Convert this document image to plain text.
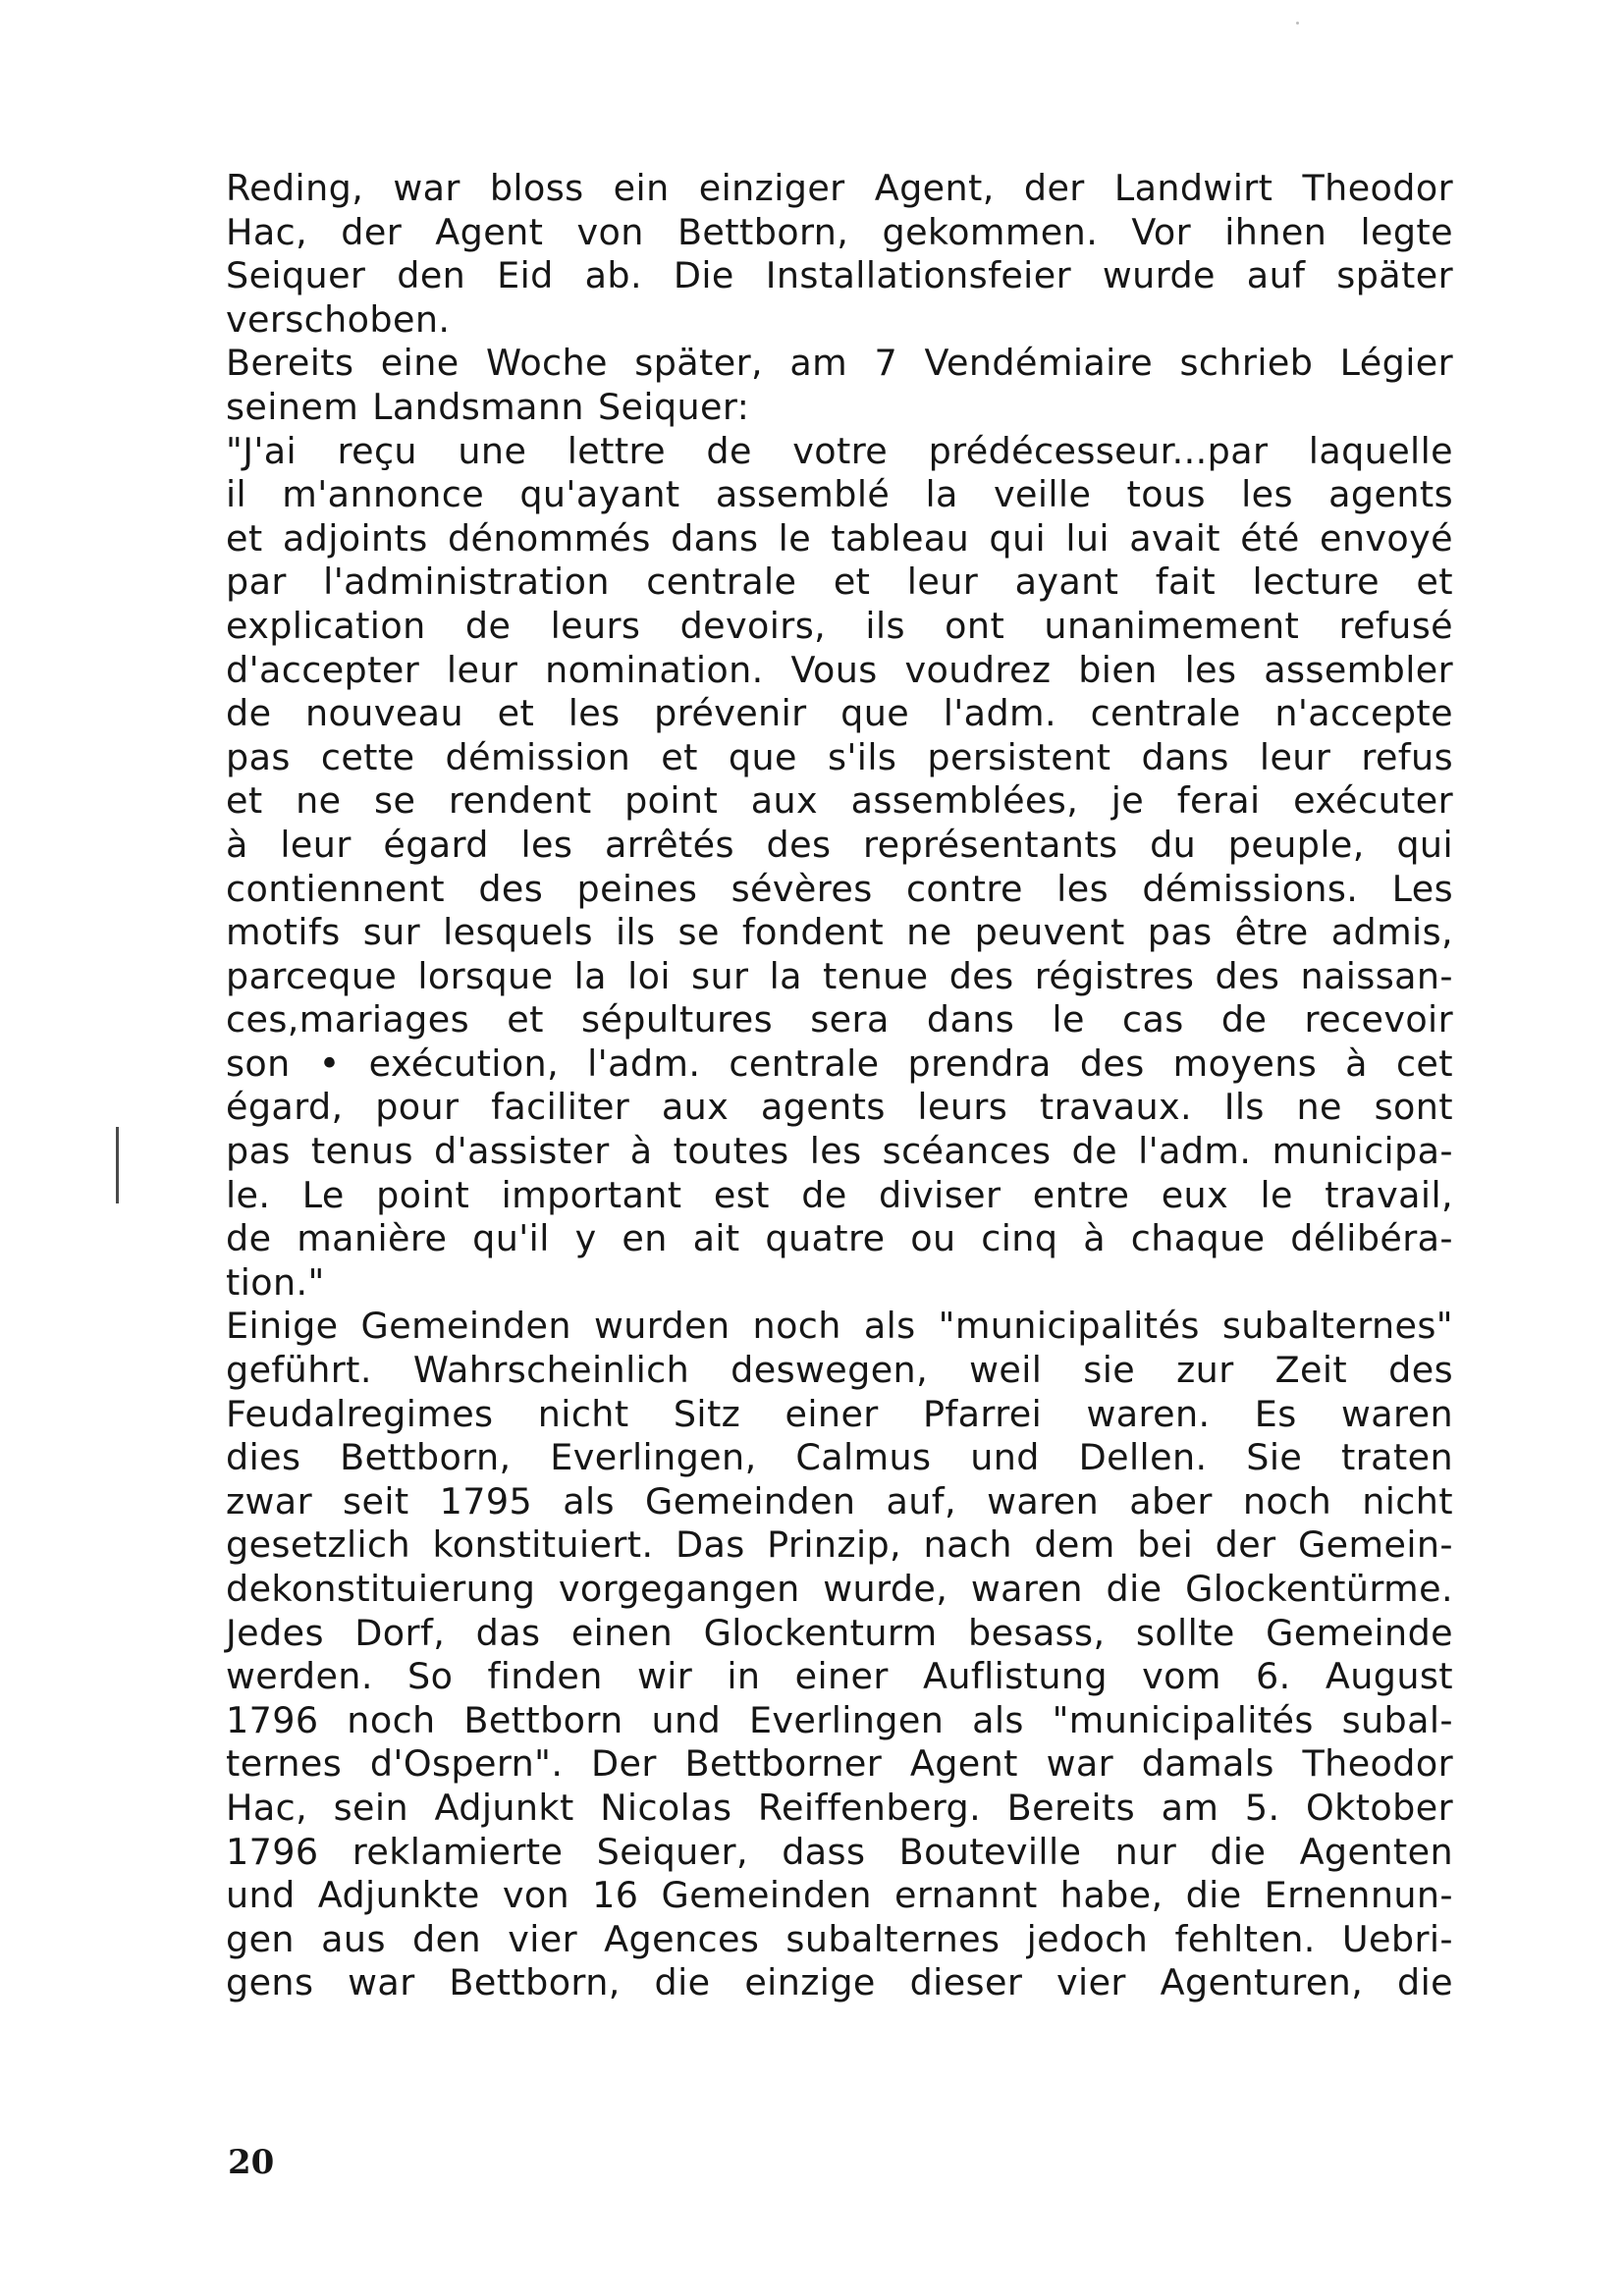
Reding, war bloss ein einziger Agent, der Landwirt Theodor
Hac, der Agent von Bettborn, gekommen. Vor ihnen legte
Seiquer den Eid ab. Die Installationsfeier wurde auf später
verschoben.
Bereits eine Woche später, am 7 Vendémiaire schrieb Légier
seinem Landsmann Seiquer:
"J'ai reçu une lettre de votre prédécesseur...par laquelle
il m'annonce qu'ayant assemblé la veille tous les agents
et adjoints dénommés dans le tableau qui lui avait été envoyé
par l'administration centrale et leur ayant fait lecture et
explication de leurs devoirs, ils ont unanimement refusé
d'accepter leur nomination. Vous voudrez bien les assembler
de nouveau et les prévenir que l'adm. centrale n'accepte
pas cette démission et que s'ils persistent dans leur refus
et ne se rendent point aux assemblées, je ferai exécuter
à leur égard les arrêtés des représentants du peuple, qui
contiennent des peines sévères contre les démissions. Les
motifs sur lesquels ils se fondent ne peuvent pas être admis,
parceque lorsque la loi sur la tenue des régistres des naissan-
ces,mariages et sépultures sera dans le cas de recevoir
son • exécution, l'adm. centrale prendra des moyens à cet
égard, pour faciliter aux agents leurs travaux. Ils ne sont
pas tenus d'assister à toutes les scéances de l'adm. municipa-
le. Le point important est de diviser entre eux le travail,
de manière qu'il y en ait quatre ou cinq à chaque délibéra-
tion."
Einige Gemeinden wurden noch als "municipalités subalternes"
geführt. Wahrscheinlich deswegen, weil sie zur Zeit des
Feudalregimes nicht Sitz einer Pfarrei waren. Es waren
dies Bettborn, Everlingen, Calmus und Dellen. Sie traten
zwar seit 1795 als Gemeinden auf, waren aber noch nicht
gesetzlich konstituiert. Das Prinzip, nach dem bei der Gemein-
dekonstituierung vorgegangen wurde, waren die Glockentürme.
Jedes Dorf, das einen Glockenturm besass, sollte Gemeinde
werden. So finden wir in einer Auflistung vom 6. August
1796 noch Bettborn und Everlingen als "municipalités subal-
ternes d'Ospern". Der Bettborner Agent war damals Theodor
Hac, sein Adjunkt Nicolas Reiffenberg. Bereits am 5. Oktober
1796 reklamierte Seiquer, dass Bouteville nur die Agenten
und Adjunkte von 16 Gemeinden ernannt habe, die Ernennun-
gen aus den vier Agences subalternes jedoch fehlten. Uebri-
gens war Bettborn, die einzige dieser vier Agenturen, die
20
